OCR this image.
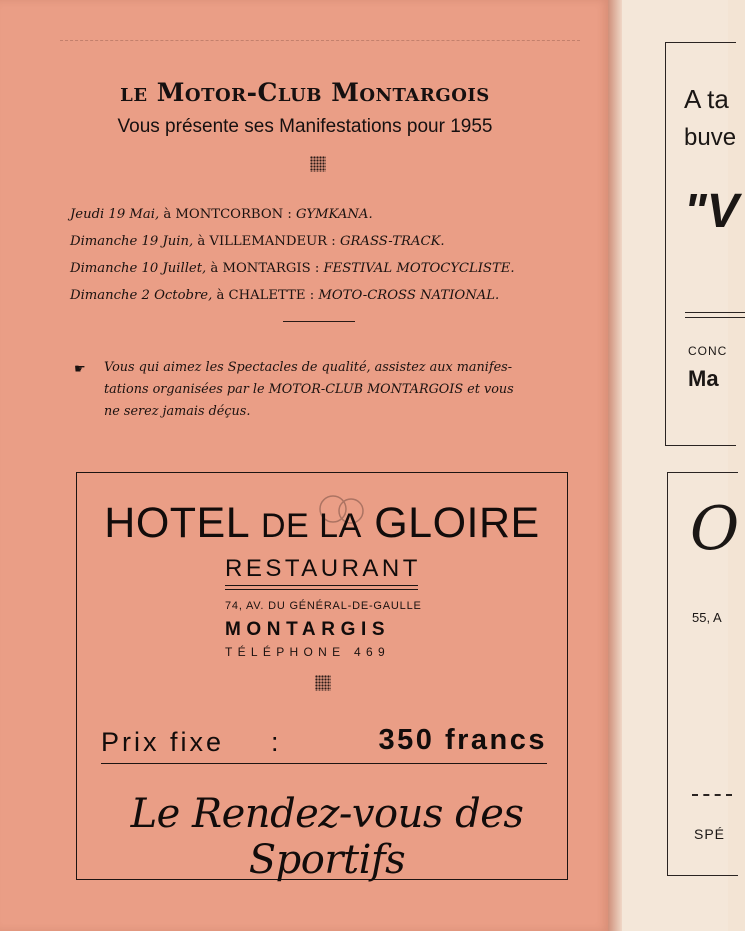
le Motor-Club Montargois
Vous présente ses Manifestations pour 1955
Jeudi 19 Mai, à MONTCORBON : GYMKANA.
Dimanche 19 Juin, à VILLEMANDEUR : GRASS-TRACK.
Dimanche 10 Juillet, à MONTARGIS : FESTIVAL MOTOCYCLISTE.
Dimanche 2 Octobre, à CHALETTE : MOTO-CROSS NATIONAL.
☛ Vous qui aimez les Spectacles de qualité, assistez aux manifes-

tations organisées par le MOTOR-CLUB MONTARGOIS et vous

ne serez jamais déçus.

HOTEL DE LA GLOIRE
RESTAURANT
74, AV. DU GÉNÉRAL-DE-GAULLE
MONTARGIS
TÉLÉPHONE 469
Prix fixe :	350 francs
Le Rendez-vous des Sportifs
A ta
buve
"V
CONC
Ma
O
55, A
SPÉ
